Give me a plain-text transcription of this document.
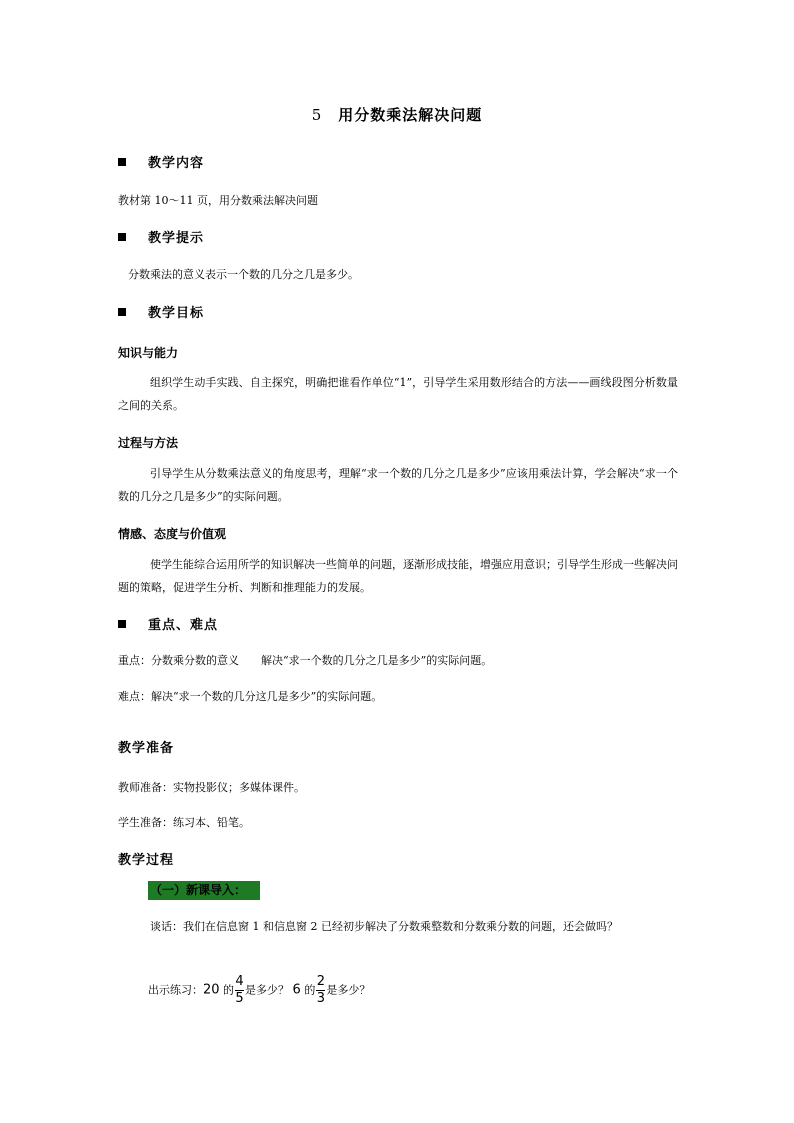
5 用分数乘法解决问题
教学内容
教材第 10～11 页，用分数乘法解决问题
教学提示
分数乘法的意义表示一个数的几分之几是多少。
教学目标
知识与能力
组织学生动手实践、自主探究，明确把谁看作单位“1”，引导学生采用数形结合的方法——画线段图分析数量之间的关系。
过程与方法
引导学生从分数乘法意义的角度思考，理解“求一个数的几分之几是多少”应该用乘法计算，学会解决“求一个数的几分之几是多少”的实际问题。
情感、态度与价值观
使学生能综合运用所学的知识解决一些简单的问题，逐渐形成技能，增强应用意识；引导学生形成一些解决问题的策略，促进学生分析、判断和推理能力的发展。
重点、难点
重点：分数乘分数的意义　　解决“求一个数的几分之几是多少”的实际问题。
难点：解决“求一个数的几分这几是多少”的实际问题。
教学准备
教师准备：实物投影仪；多媒体课件。
学生准备：练习本、铅笔。
教学过程
（一）新课导入：
谈话：我们在信息窗 1 和信息窗 2 已经初步解决了分数乘整数和分数乘分数的问题，还会做吗？
出示练习：20 的 $\frac{4}{5}$ 是多少？ 6 的 $\frac{2}{3}$ 是多少？
